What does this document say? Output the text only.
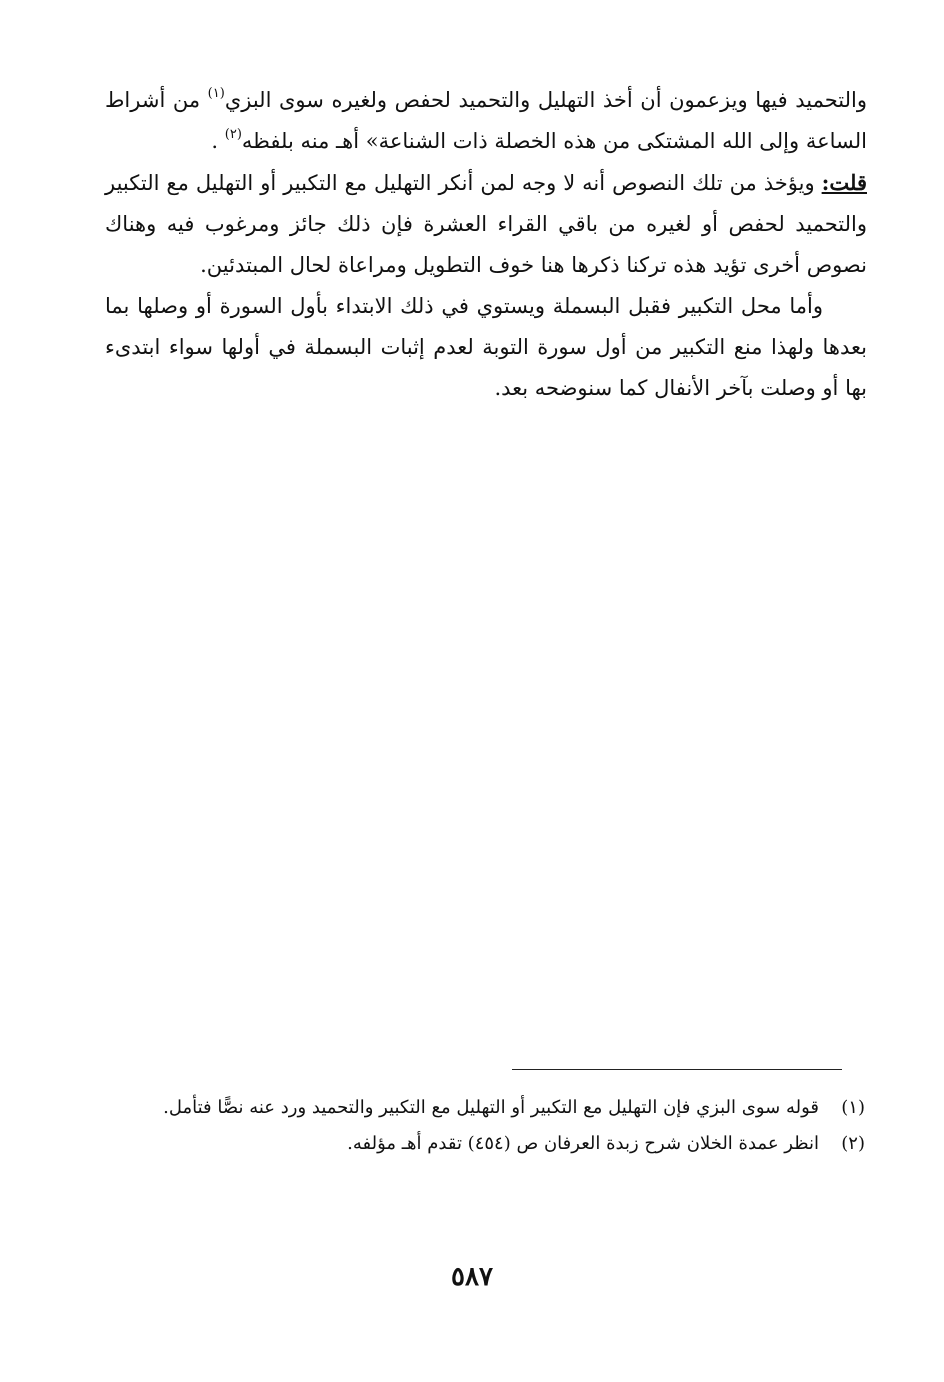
والتحميد فيها ويزعمون أن أخذ التهليل والتحميد لحفص ولغيره سوى البزي$^{(١)}$ من أشراط الساعة وإلى الله المشتكى من هذه الخصلة ذات الشناعة» أهـ منه بلفظه$^{(٢)}$ .

قلت: ويؤخذ من تلك النصوص أنه لا وجه لمن أنكر التهليل مع التكبير أو التهليل مع التكبير والتحميد لحفص أو لغيره من باقي القراء العشرة فإن ذلك جائز ومرغوب فيه وهناك نصوص أخرى تؤيد هذه تركنا ذكرها هنا خوف التطويل ومراعاة لحال المبتدئين.

وأما محل التكبير فقبل البسملة ويستوي في ذلك الابتداء بأول السورة أو وصلها بما بعدها ولهذا منع التكبير من أول سورة التوبة لعدم إثبات البسملة في أولها سواء ابتدىء بها أو وصلت بآخر الأنفال كما سنوضحه بعد.

(١)
قوله سوى البزي فإن التهليل مع التكبير أو التهليل مع التكبير والتحميد ورد عنه نصًّا فتأمل.
(٢)
انظر عمدة الخلان شرح زبدة العرفان ص (٤٥٤) تقدم أهـ مؤلفه.
٥٨٧
